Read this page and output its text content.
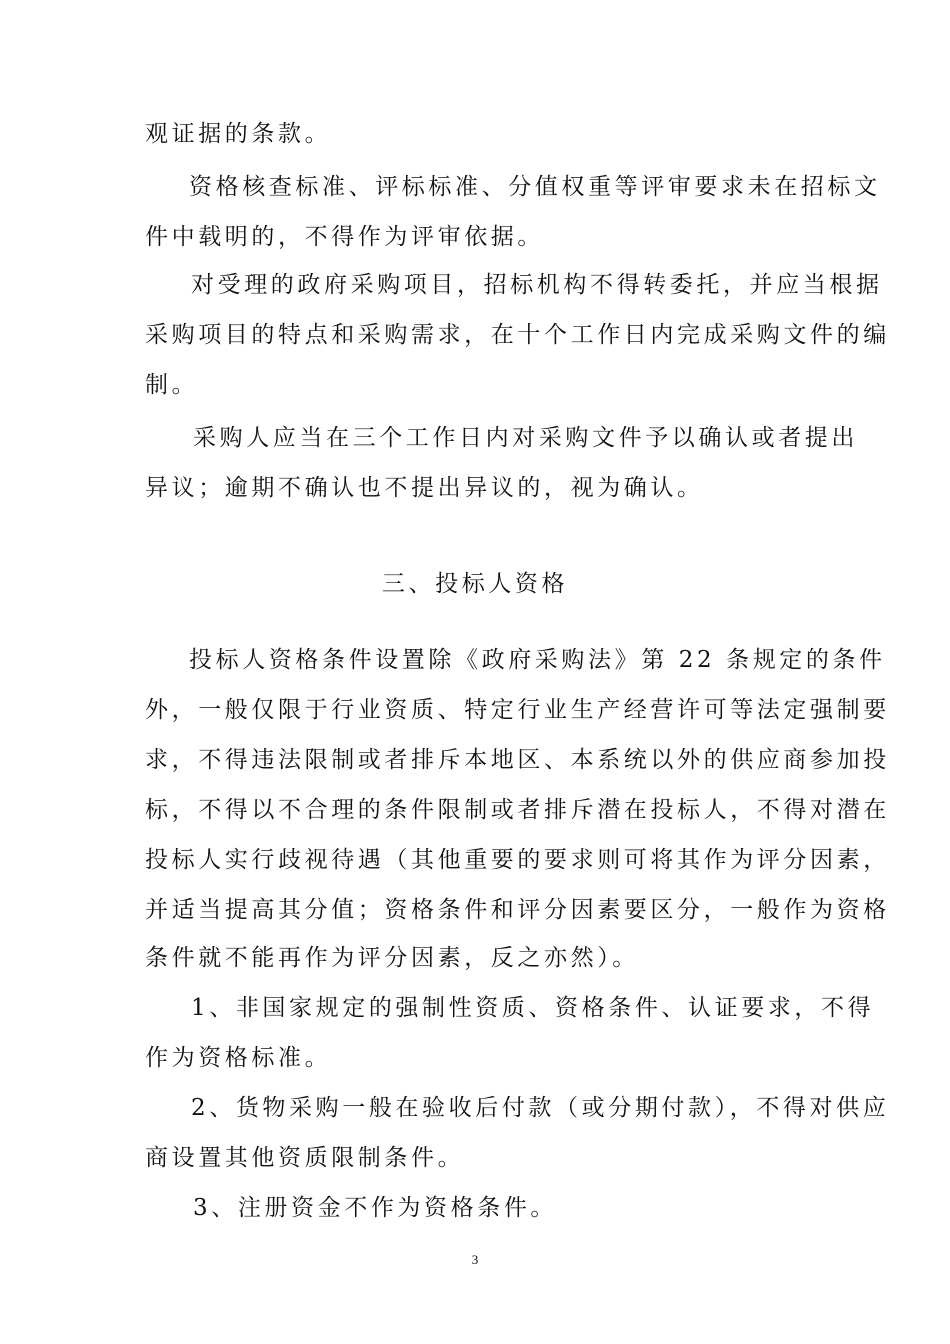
观证据的条款。
资格核查标准、评标标准、分值权重等评审要求未在招标文
件中载明的，不得作为评审依据。
对受理的政府采购项目，招标机构不得转委托，并应当根据
采购项目的特点和采购需求，在十个工作日内完成采购文件的编
制。
采购人应当在三个工作日内对采购文件予以确认或者提出
异议；逾期不确认也不提出异议的，视为确认。
三、投标人资格
投标人资格条件设置除《政府采购法》第 22 条规定的条件
外，一般仅限于行业资质、特定行业生产经营许可等法定强制要
求，不得违法限制或者排斥本地区、本系统以外的供应商参加投
标，不得以不合理的条件限制或者排斥潜在投标人，不得对潜在
投标人实行歧视待遇（其他重要的要求则可将其作为评分因素，
并适当提高其分值；资格条件和评分因素要区分，一般作为资格
条件就不能再作为评分因素，反之亦然）。
1、非国家规定的强制性资质、资格条件、认证要求，不得
作为资格标准。
2、货物采购一般在验收后付款（或分期付款），不得对供应
商设置其他资质限制条件。
3、注册资金不作为资格条件。
3
